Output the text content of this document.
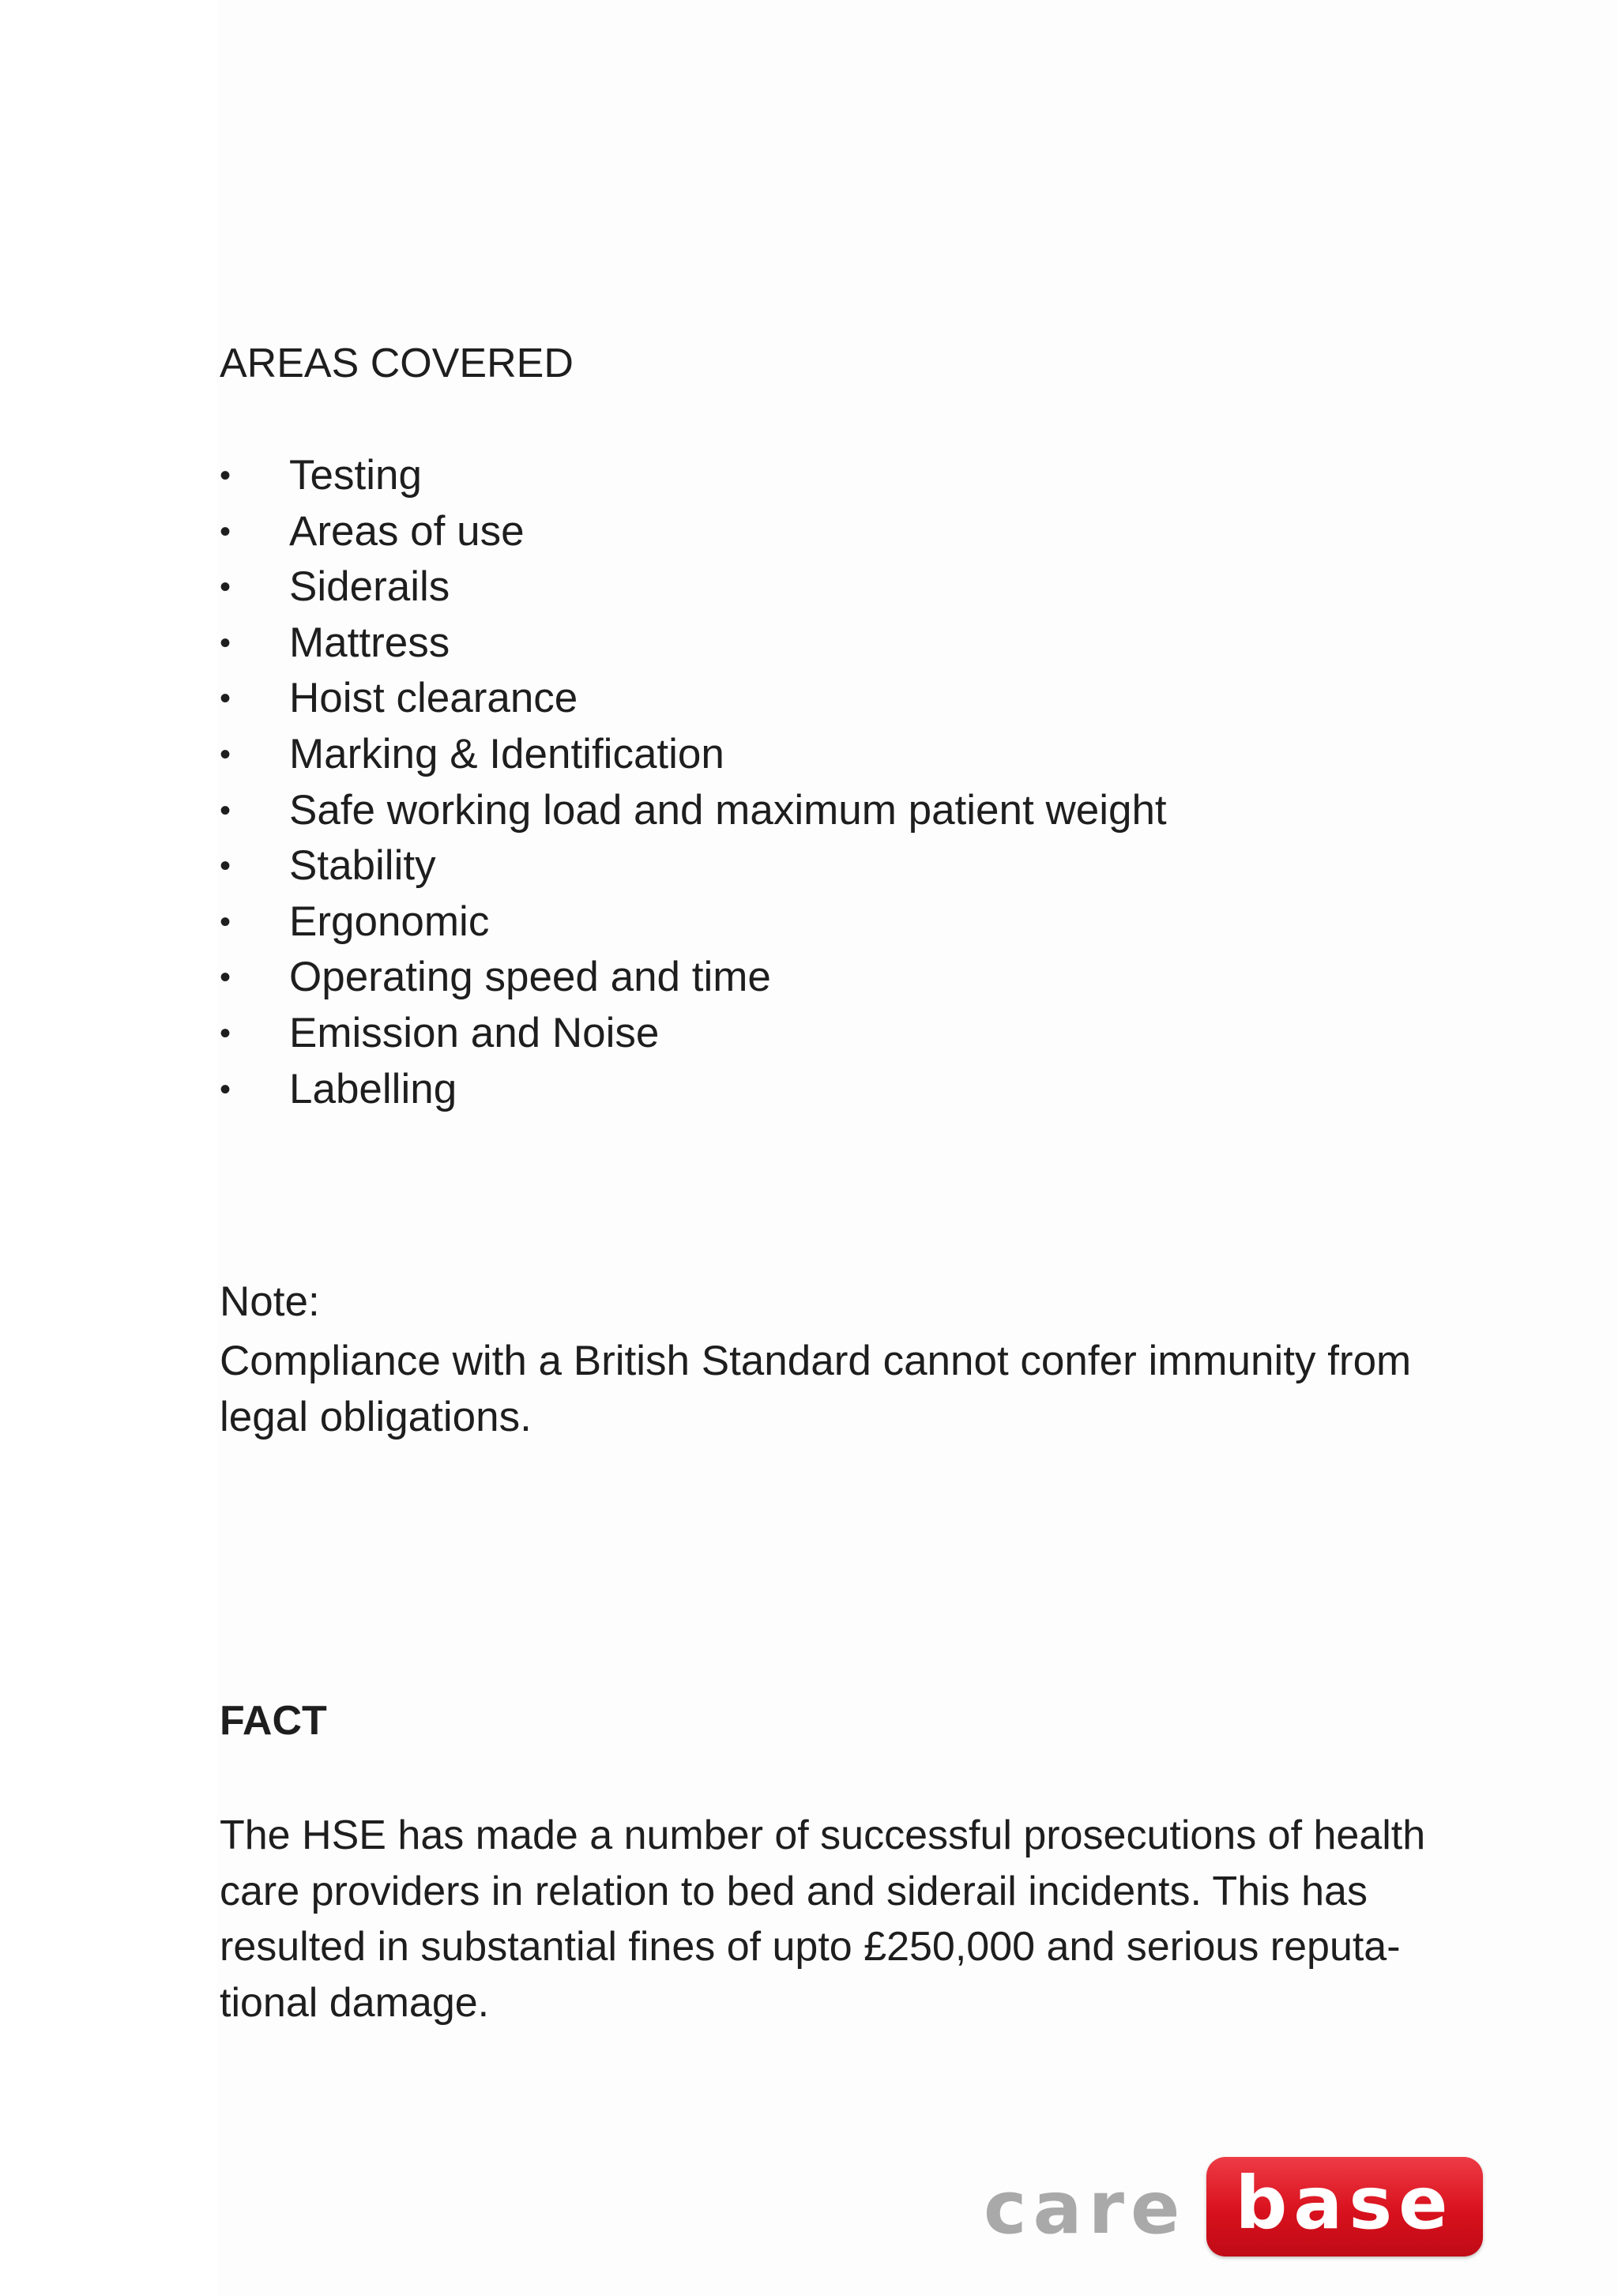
AREAS COVERED
•	Testing
•	Areas of use
•	Siderails
•	Mattress
•	Hoist clearance
•	Marking & Identification
•	Safe working load and maximum patient weight
•	Stability
•	Ergonomic
•	Operating speed and time
•	Emission and Noise
•	Labelling
Note:

Compliance with a British Standard cannot confer immunity from legal obligations.

FACT

The HSE has made a number of successful prosecutions of health care providers in relation to bed and siderail incidents. This has resulted in substantial fines of upto £250,000 and serious reputa-tional damage.

care base
